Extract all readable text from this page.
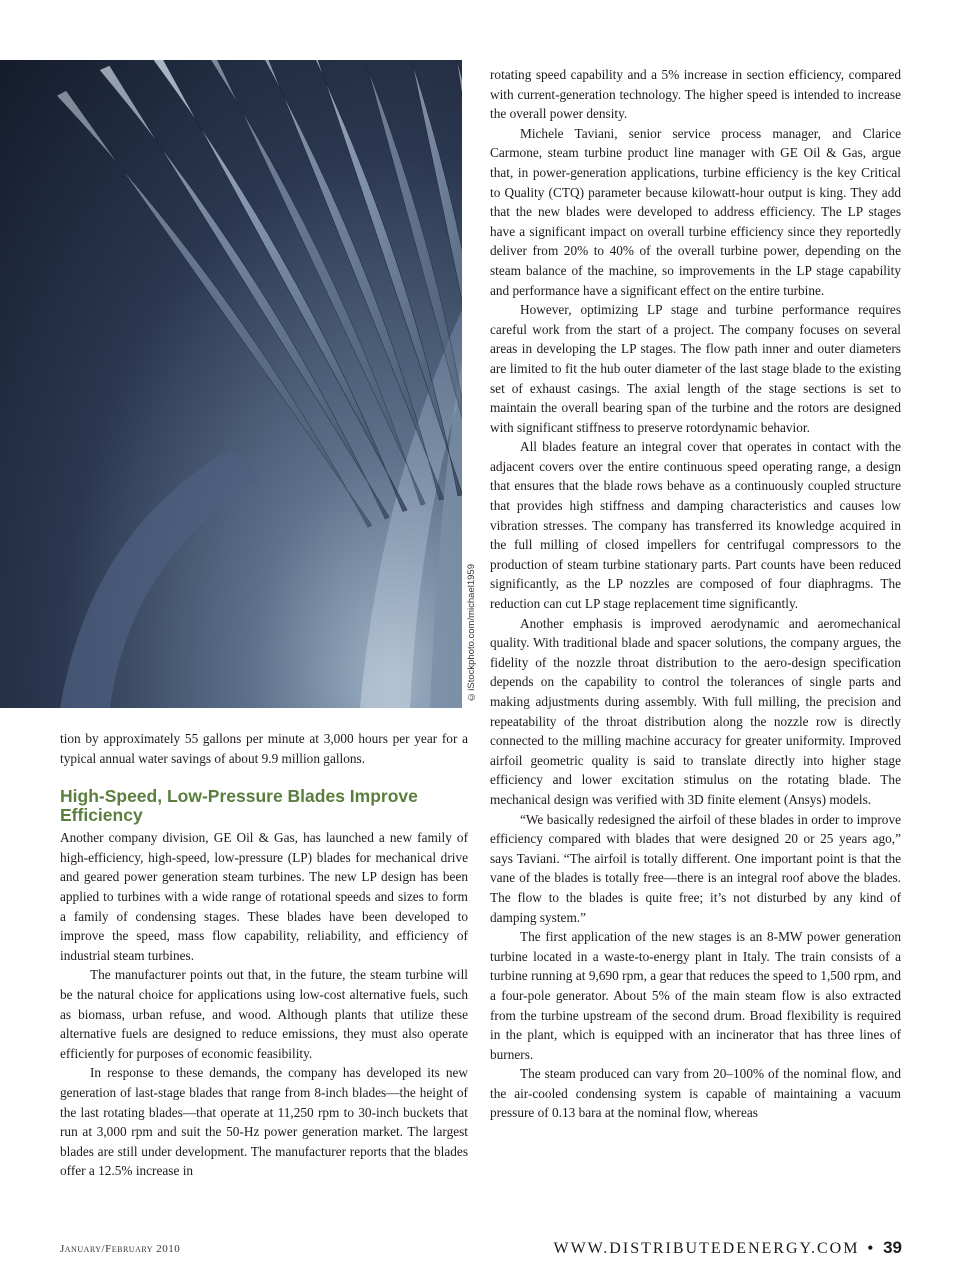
©iStockphoto.com/michael1959

tion by approximately 55 gallons per minute at 3,000 hours per year for a typical annual water savings of about 9.9 million gallons.

High-Speed, Low-Pressure Blades Improve Efficiency

Another company division, GE Oil & Gas, has launched a new family of high-efficiency, high-speed, low-pressure (LP) blades for mechanical drive and geared power generation steam turbines. The new LP design has been applied to turbines with a wide range of rotational speeds and sizes to form a family of condensing stages. These blades have been developed to improve the speed, mass flow capability, reliability, and efficiency of industrial steam turbines.

The manufacturer points out that, in the future, the steam turbine will be the natural choice for applications using low-cost alternative fuels, such as biomass, urban refuse, and wood. Although plants that utilize these alternative fuels are designed to reduce emissions, they must also operate efficiently for purposes of economic feasibility.

In response to these demands, the company has developed its new generation of last-stage blades that range from 8-inch blades—the height of the last rotating blades—that operate at 11,250 rpm to 30-inch buckets that run at 3,000 rpm and suit the 50-Hz power generation market. The largest blades are still under development. The manufacturer reports that the blades offer a 12.5% increase in

rotating speed capability and a 5% increase in section efficiency, compared with current-generation technology. The higher speed is intended to increase the overall power density.

Michele Taviani, senior service process manager, and Clarice Carmone, steam turbine product line manager with GE Oil & Gas, argue that, in power-generation applications, turbine efficiency is the key Critical to Quality (CTQ) parameter because kilowatt-hour output is king. They add that the new blades were developed to address efficiency. The LP stages have a significant impact on overall turbine efficiency since they reportedly deliver from 20% to 40% of the overall turbine power, depending on the steam balance of the machine, so improvements in the LP stage capability and performance have a significant effect on the entire turbine.

However, optimizing LP stage and turbine performance requires careful work from the start of a project. The company focuses on several areas in developing the LP stages. The flow path inner and outer diameters are limited to fit the hub outer diameter of the last stage blade to the existing set of exhaust casings. The axial length of the stage sections is set to maintain the overall bearing span of the turbine and the rotors are designed with significant stiffness to preserve rotordynamic behavior.

All blades feature an integral cover that operates in contact with the adjacent covers over the entire continuous speed operating range, a design that ensures that the blade rows behave as a continuously coupled structure that provides high stiffness and damping characteristics and causes low vibration stresses. The company has transferred its knowledge acquired in the full milling of closed impellers for centrifugal compressors to the production of steam turbine stationary parts. Part counts have been reduced significantly, as the LP nozzles are composed of four diaphragms. The reduction can cut LP stage replacement time significantly.

Another emphasis is improved aerodynamic and aeromechanical quality. With traditional blade and spacer solutions, the company argues, the fidelity of the nozzle throat distribution to the aero-design specification depends on the capability to control the tolerances of single parts and making adjustments during assembly. With full milling, the precision and repeatability of the throat distribution along the nozzle row is directly connected to the milling machine accuracy for greater uniformity. Improved airfoil geometric quality is said to translate directly into higher stage efficiency and lower excitation stimulus on the rotating blade. The mechanical design was verified with 3D finite element (Ansys) models.

“We basically redesigned the airfoil of these blades in order to improve efficiency compared with blades that were designed 20 or 25 years ago,” says Taviani. “The airfoil is totally different. One important point is that the vane of the blades is totally free—there is an integral roof above the blades. The flow to the blades is quite free; it’s not disturbed by any kind of damping system.”

The first application of the new stages is an 8-MW power generation turbine located in a waste-to-energy plant in Italy. The train consists of a turbine running at 9,690 rpm, a gear that reduces the speed to 1,500 rpm, and a four-pole generator. About 5% of the main steam flow is also extracted from the turbine upstream of the second drum. Broad flexibility is required in the plant, which is equipped with an incinerator that has three lines of burners.

The steam produced can vary from 20–100% of the nominal flow, and the air-cooled condensing system is capable of maintaining a vacuum pressure of 0.13 bara at the nominal flow, whereas

January/February 2010	WWW.DISTRIBUTEDENERGY.COM • 39
